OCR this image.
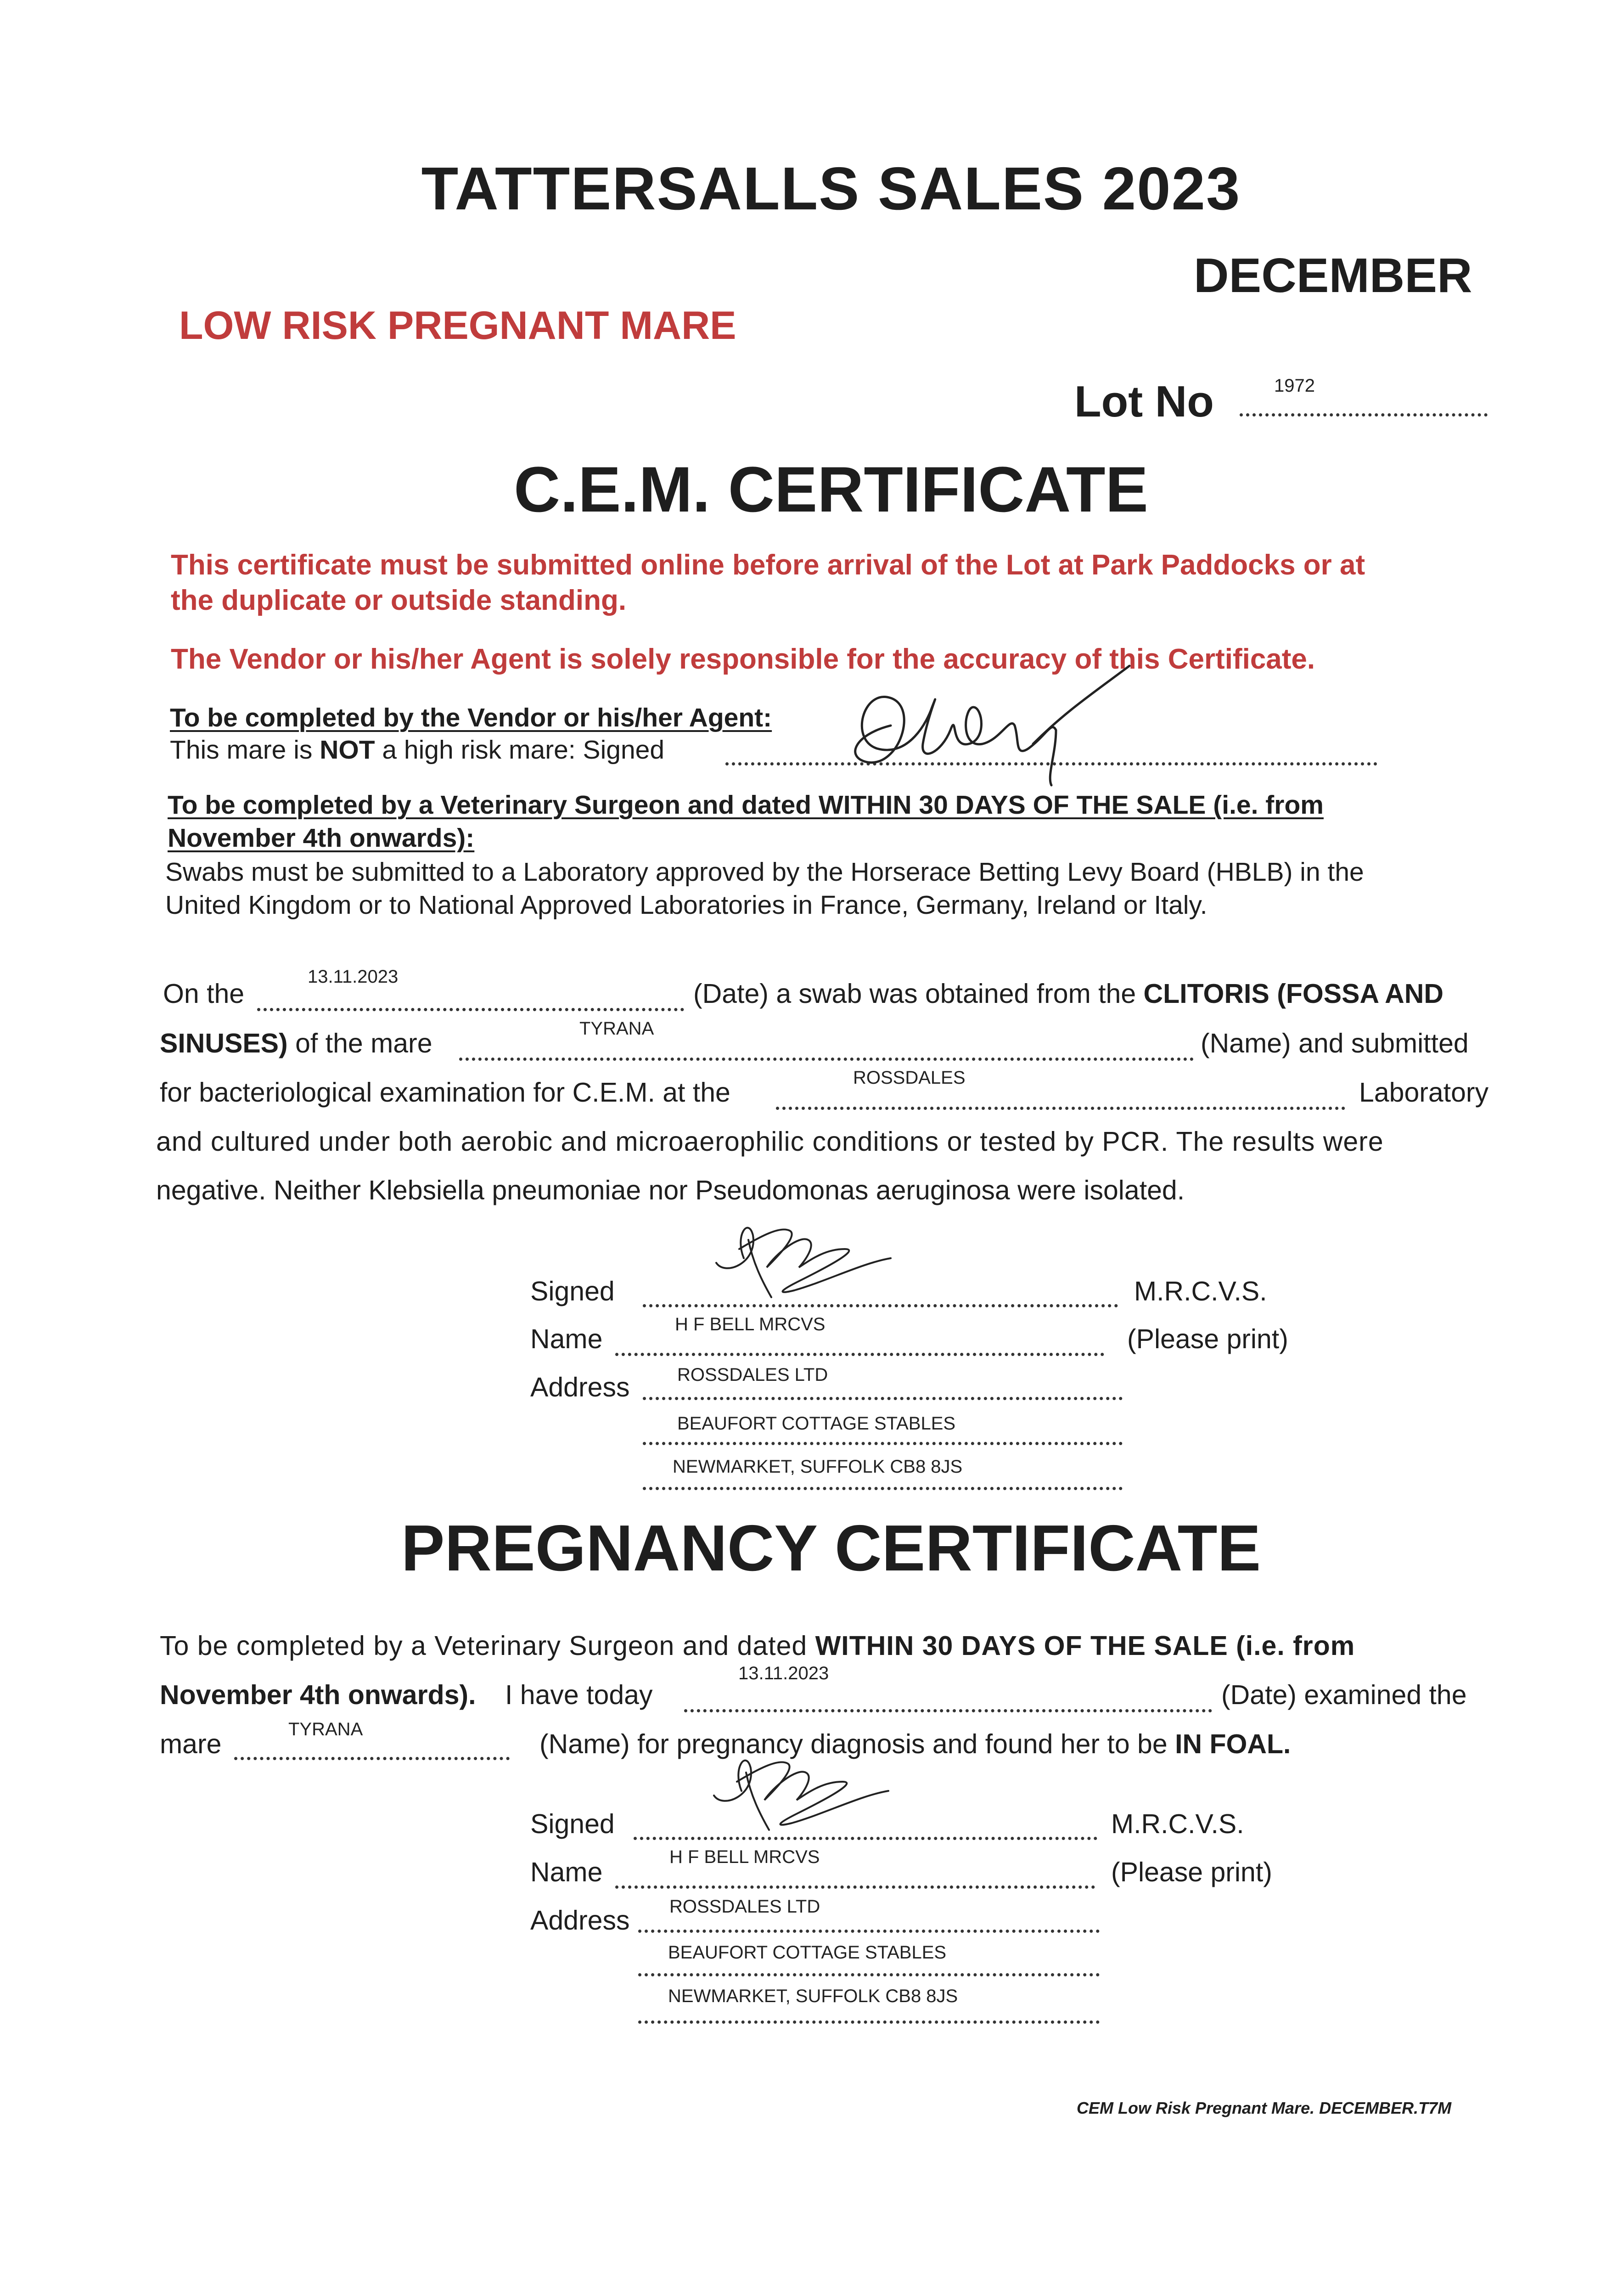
TATTERSALLS SALES 2023
DECEMBER
LOW RISK PREGNANT MARE
Lot No	1972
C.E.M. CERTIFICATE
This certificate must be submitted online before arrival of the Lot at Park Paddocks or at
the duplicate or outside standing.
The Vendor or his/her Agent is solely responsible for the accuracy of this Certificate.
To be completed by the Vendor or his/her Agent:
This mare is NOT a high risk mare: Signed
To be completed by a Veterinary Surgeon and dated WITHIN 30 DAYS OF THE SALE (i.e. from
November 4th onwards):
Swabs must be submitted to a Laboratory approved by the Horserace Betting Levy Board (HBLB) in the
United Kingdom or to National Approved Laboratories in France, Germany, Ireland or Italy.
On the
13.11.2023
(Date) a swab was obtained from the CLITORIS (FOSSA AND
SINUSES) of the mare	TYRANA	(Name) and submitted
for bacteriological examination for C.E.M. at the	ROSSDALES	Laboratory
and cultured under both aerobic and microaerophilic conditions or tested by PCR. The results were
negative. Neither Klebsiella pneumoniae nor Pseudomonas aeruginosa were isolated.
Signed	M.R.C.V.S.
Name	H F BELL MRCVS	(Please print)
Address	ROSSDALES LTD
BEAUFORT COTTAGE STABLES
NEWMARKET, SUFFOLK CB8 8JS
PREGNANCY CERTIFICATE
To be completed by a Veterinary Surgeon and dated WITHIN 30 DAYS OF THE SALE (i.e. from
November 4th onwards). I have today
13.11.2023
(Date) examined the
mare	TYRANA	(Name) for pregnancy diagnosis and found her to be IN FOAL.
Signed	M.R.C.V.S.
Name	H F BELL MRCVS	(Please print)
Address ROSSDALES LTD
BEAUFORT COTTAGE STABLES
NEWMARKET, SUFFOLK CB8 8JS
CEM Low Risk Pregnant Mare. DECEMBER.T7M
